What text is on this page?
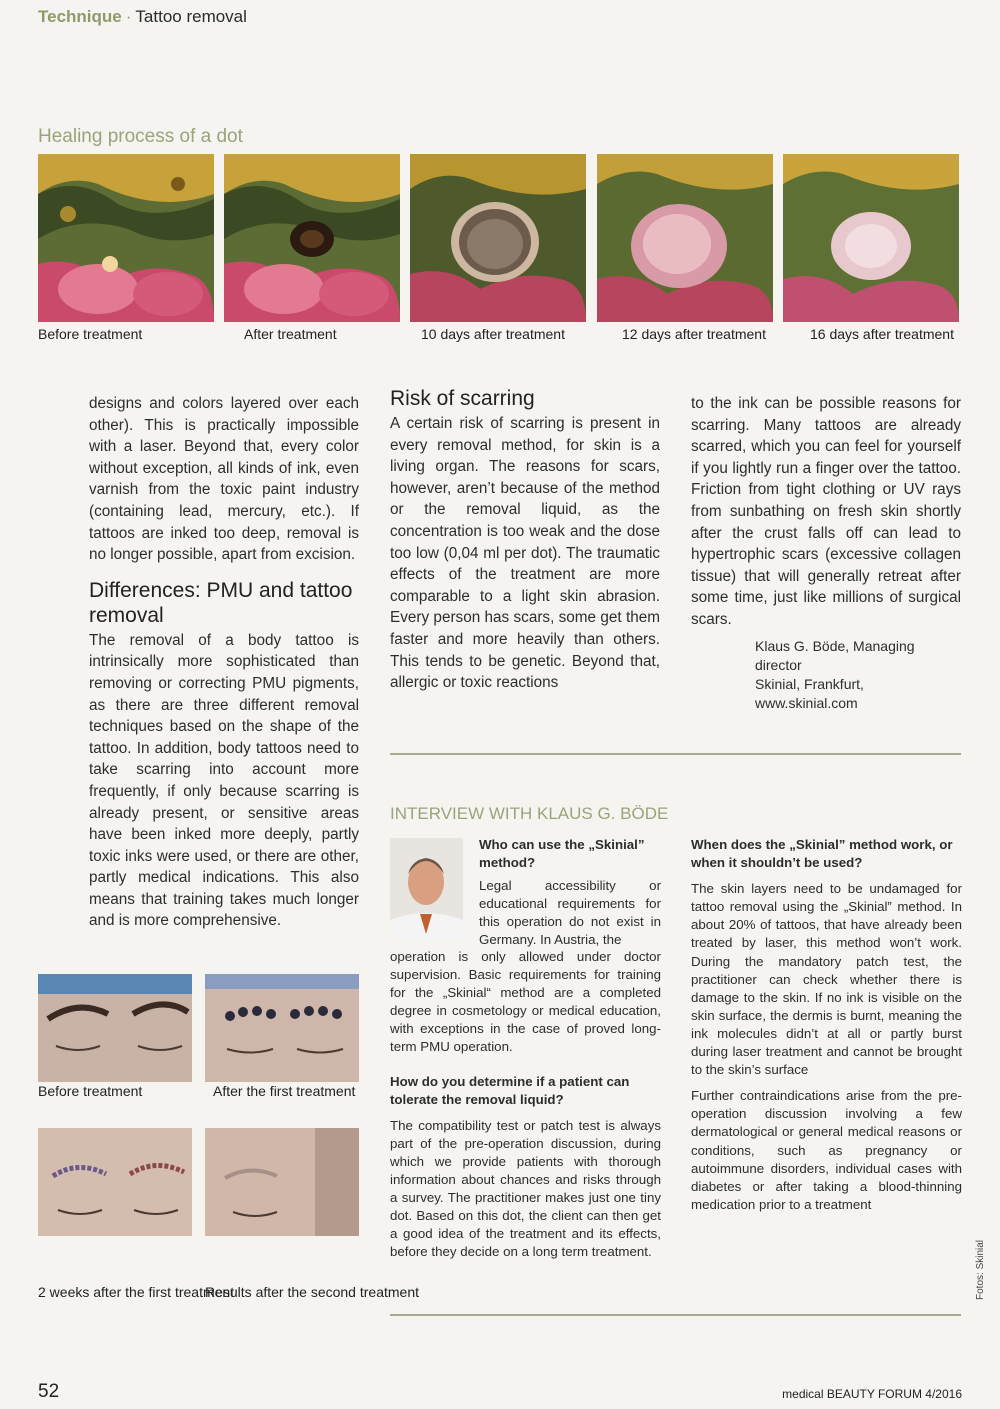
Technique · Tattoo removal
Healing process of a dot
Before treatment	After treatment	10 days after treatment	12 days after treatment	16 days after treatment

designs and colors layered over each other). This is practically impossible with a laser. Beyond that, every color without exception, all kinds of ink, even varnish from the toxic paint industry (containing lead, mercury, etc.). If tattoos are inked too deep, removal is no longer possible, apart from excision.

Differences: PMU and tattoo removal

The removal of a body tattoo is intrinsically more sophisticated than removing or correcting PMU pigments, as there are three different removal techniques based on the shape of the tattoo. In addition, body tattoos need to take scarring into account more frequently, if only because scarring is already present, or sensitive areas have been inked more deeply, partly toxic inks were used, or there are other, partly medical indications. This also means that training takes much longer and is more comprehensive.

Risk of scarring

A certain risk of scarring is present in every removal method, for skin is a living organ. The reasons for scars, however, aren’t because of the method or the removal liquid, as the concentration is too weak and the dose too low (0,04 ml per dot). The traumatic effects of the treatment are more comparable to a light skin abrasion. Every person has scars, some get them faster and more heavily than others. This tends to be genetic. Beyond that, allergic or toxic reactions

to the ink can be possible reasons for scarring. Many tattoos are already scarred, which you can feel for yourself if you lightly run a finger over the tattoo. Friction from tight clothing or UV rays from sunbathing on fresh skin shortly after the crust falls off can lead to hypertrophic scars (excessive collagen tissue) that will generally retreat after some time, just like millions of surgical scars.

Klaus G. Böde, Managing director
Skinial, Frankfurt, www.skinial.com
Before treatment	After the first treatment
2 weeks after the first treatment
Results after the second treatment
INTERVIEW WITH KLAUS G. BÖDE

Who can use the „Skinial” method?

Legal accessibility or educational requirements for this operation do not exist in Germany. In Austria, the

operation is only allowed under doctor supervision. Basic requirements for training for the „Skinial“ method are a completed degree in cosmetology or medical education, with exceptions in the case of proved long-term PMU operation.

How do you determine if a patient can tolerate the removal liquid?

The compatibility test or patch test is always part of the pre-operation discussion, during which we provide patients with thorough information about chances and risks through a survey. The practitioner makes just one tiny dot. Based on this dot, the client can then get a good idea of the treatment and its effects, before they decide on a long term treatment.

When does the „Skinial” method work, or when it shouldn’t be used?

The skin layers need to be undamaged for tattoo removal using the „Skinial” method. In about 20% of tattoos, that have already been treated by laser, this method won’t work. During the mandatory patch test, the practitioner can check whether there is damage to the skin. If no ink is visible on the skin surface, the dermis is burnt, meaning the ink molecules didn’t at all or partly burst during laser treatment and cannot be brought to the skin’s surface

Further contraindications arise from the pre-operation discussion involving a few dermatological or general medical reasons or conditions, such as pregnancy or autoimmune disorders, individual cases with diabetes or after taking a blood-thinning medication prior to a treatment

Fotos: Skinial
52	medical BEAUTY FORUM 4/2016
